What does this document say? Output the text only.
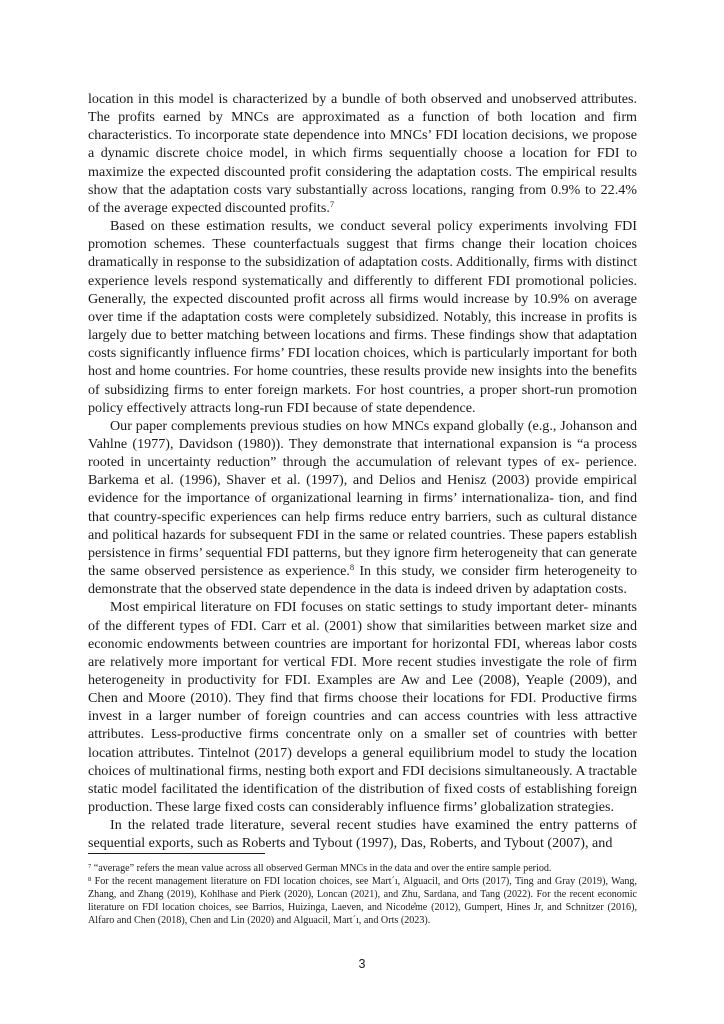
location in this model is characterized by a bundle of both observed and unobserved attributes. The profits earned by MNCs are approximated as a function of both location and firm characteristics. To incorporate state dependence into MNCs’ FDI location decisions, we propose a dynamic discrete choice model, in which firms sequentially choose a location for FDI to maximize the expected discounted profit considering the adaptation costs. The empirical results show that the adaptation costs vary substantially across locations, ranging from 0.9% to 22.4% of the average expected discounted profits.$^7$

Based on these estimation results, we conduct several policy experiments involving FDI promotion schemes. These counterfactuals suggest that firms change their location choices dramatically in response to the subsidization of adaptation costs. Additionally, firms with distinct experience levels respond systematically and differently to different FDI promotional policies. Generally, the expected discounted profit across all firms would increase by 10.9% on average over time if the adaptation costs were completely subsidized. Notably, this increase in profits is largely due to better matching between locations and firms. These findings show that adaptation costs significantly influence firms’ FDI location choices, which is particularly important for both host and home countries. For home countries, these results provide new insights into the benefits of subsidizing firms to enter foreign markets. For host countries, a proper short-run promotion policy effectively attracts long-run FDI because of state dependence.

Our paper complements previous studies on how MNCs expand globally (e.g., Johanson and Vahlne (1977), Davidson (1980)). They demonstrate that international expansion is “a process rooted in uncertainty reduction” through the accumulation of relevant types of ex- perience. Barkema et al. (1996), Shaver et al. (1997), and Delios and Henisz (2003) provide empirical evidence for the importance of organizational learning in firms’ internationaliza- tion, and find that country-specific experiences can help firms reduce entry barriers, such as cultural distance and political hazards for subsequent FDI in the same or related countries. These papers establish persistence in firms’ sequential FDI patterns, but they ignore firm heterogeneity that can generate the same observed persistence as experience.$^8$ In this study, we consider firm heterogeneity to demonstrate that the observed state dependence in the data is indeed driven by adaptation costs.

Most empirical literature on FDI focuses on static settings to study important deter- minants of the different types of FDI. Carr et al. (2001) show that similarities between market size and economic endowments between countries are important for horizontal FDI, whereas labor costs are relatively more important for vertical FDI. More recent studies investigate the role of firm heterogeneity in productivity for FDI. Examples are Aw and Lee (2008), Yeaple (2009), and Chen and Moore (2010). They find that firms choose their locations for FDI. Productive firms invest in a larger number of foreign countries and can access countries with less attractive attributes. Less-productive firms concentrate only on a smaller set of countries with better location attributes. Tintelnot (2017) develops a general equilibrium model to study the location choices of multinational firms, nesting both export and FDI decisions simultaneously. A tractable static model facilitated the identification of the distribution of fixed costs of establishing foreign production. These large fixed costs can considerably influence firms’ globalization strategies.

In the related trade literature, several recent studies have examined the entry patterns of sequential exports, such as Roberts and Tybout (1997), Das, Roberts, and Tybout (2007), and

$^7$ “average” refers the mean value across all observed German MNCs in the data and over the entire sample period.

$^8$ For the recent management literature on FDI location choices, see Mart´ı, Alguacil, and Orts (2017), Ting and Gray (2019), Wang, Zhang, and Zhang (2019), Kohlhase and Pierk (2020), Loncan (2021), and Zhu, Sardana, and Tang (2022). For the recent economic literature on FDI location choices, see Barrios, Huizinga, Laeven, and Nicode̊me (2012), Gumpert, Hines Jr, and Schnitzer (2016), Alfaro and Chen (2018), Chen and Lin (2020) and Alguacil, Mart´ı, and Orts (2023).

3
